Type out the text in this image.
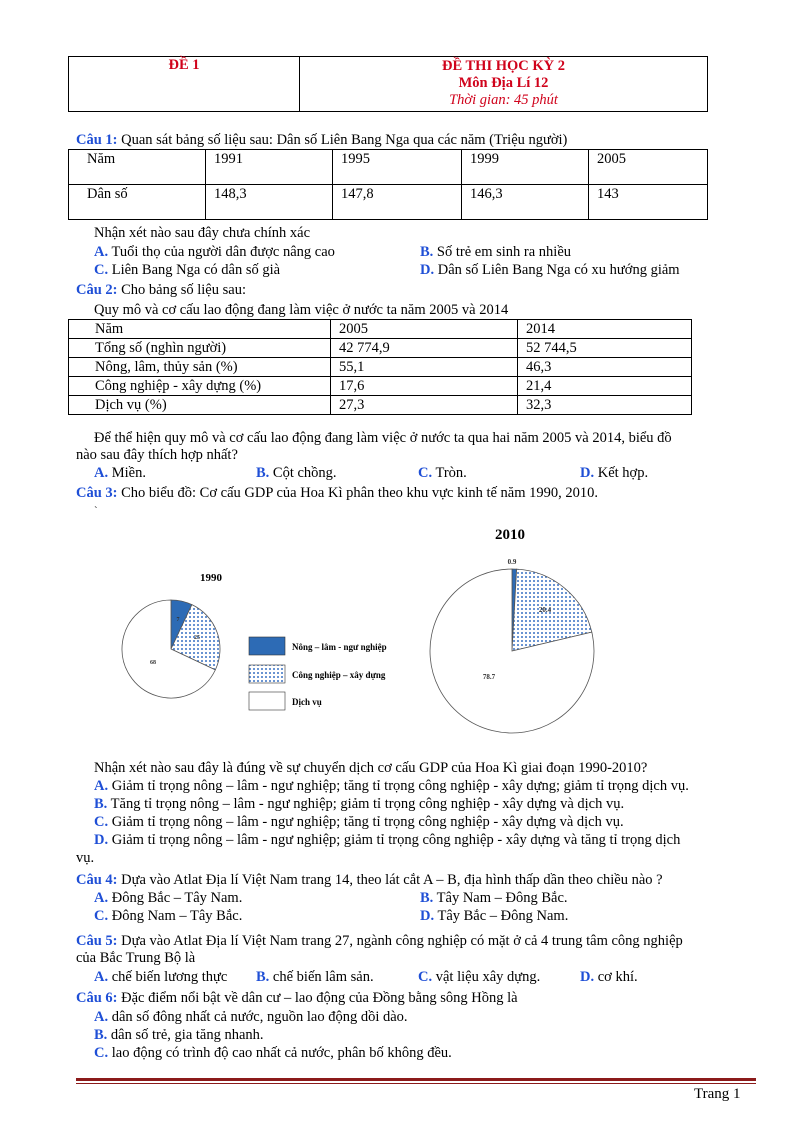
ĐỀ 1	ĐỀ THI HỌC KỲ 2
Môn Địa Lí 12
Thời gian: 45 phút
Câu 1: Quan sát bảng số liệu sau: Dân số Liên Bang Nga qua các năm (Triệu người)
Năm	1991	1995	1999	2005
Dân số	148,3	147,8	146,3	143
Nhận xét nào sau đây chưa chính xác
A. Tuổi thọ của người dân được nâng cao	B. Số trẻ em sinh ra nhiều
C. Liên Bang Nga có dân số già	D. Dân số Liên Bang Nga có xu hướng giảm
Câu 2: Cho bảng số liệu sau:
Quy mô và cơ cấu lao động đang làm việc ở nước ta năm 2005 và 2014
Năm	2005	2014
Tổng số (nghìn người)	42 774,9	52 744,5
Nông, lâm, thủy sản (%)	55,1	46,3
Công nghiệp - xây dựng (%)	17,6	21,4
Dịch vụ (%)	27,3	32,3
Để thể hiện quy mô và cơ cấu lao động đang làm việc ở nước ta qua hai năm 2005 và 2014, biểu đồ
nào sau đây thích hợp nhất?
A. Miền.	B. Cột chồng.	C. Tròn.	D. Kết hợp.
Câu 3: Cho biểu đồ: Cơ cấu GDP của Hoa Kì phân theo khu vực kinh tế năm 1990, 2010.
`
1990
2010
7
25
68
0.9
20.4
78.7
Nông – lâm - ngư nghiệp
Công nghiệp – xây dựng
Dịch vụ
Nhận xét nào sau đây là đúng về sự chuyển dịch cơ cấu GDP của Hoa Kì giai đoạn 1990-2010?
A. Giảm tỉ trọng nông – lâm - ngư nghiệp; tăng tỉ trọng công nghiệp - xây dựng; giảm tỉ trọng dịch vụ.
B. Tăng tỉ trọng nông – lâm - ngư nghiệp; giảm tỉ trọng công nghiệp - xây dựng và dịch vụ.
C. Giảm tỉ trọng nông – lâm - ngư nghiệp; tăng tỉ trọng công nghiệp - xây dựng và dịch vụ.
D. Giảm tỉ trọng nông – lâm - ngư nghiệp; giảm tỉ trọng công nghiệp - xây dựng và tăng tỉ trọng dịch
vụ.
Câu 4: Dựa vào Atlat Địa lí Việt Nam trang 14, theo lát cắt A – B, địa hình thấp dần theo chiều nào ?
A. Đông Bắc – Tây Nam.	B. Tây Nam – Đông Bắc.
C. Đông Nam – Tây Bắc.	D. Tây Bắc – Đông Nam.
Câu 5: Dựa vào Atlat Địa lí Việt Nam trang 27, ngành công nghiệp có mặt ở cả 4 trung tâm công nghiệp
của Bắc Trung Bộ là
A. chế biến lương thực B. chế biến lâm sản.	C. vật liệu xây dựng.	D. cơ khí.
Câu 6: Đặc điểm nổi bật về dân cư – lao động của Đồng bằng sông Hồng là
A. dân số đông nhất cả nước, nguồn lao động dồi dào.
B. dân số trẻ, gia tăng nhanh.
C. lao động có trình độ cao nhất cả nước, phân bố không đều.
Trang 1
